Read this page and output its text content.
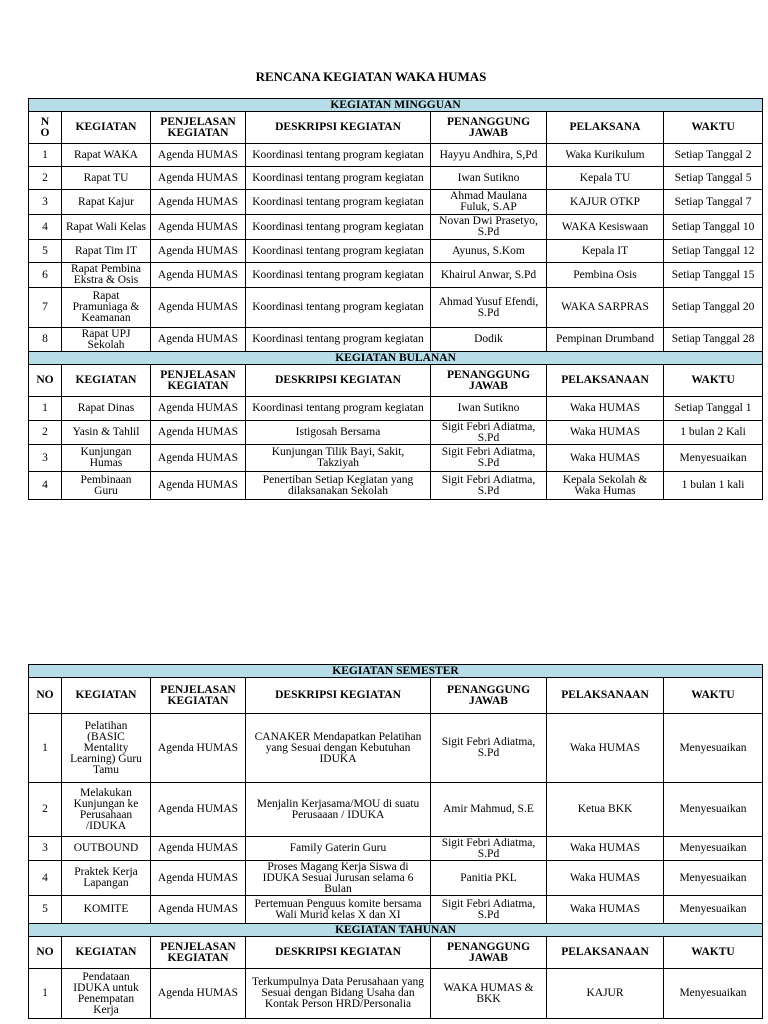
RENCANA KEGIATAN WAKA HUMAS
KEGIATAN MINGGUAN						
N
O	KEGIATAN	PENJELASAN
KEGIATAN	DESKRIPSI KEGIATAN	PENANGGUNG
JAWAB	PELAKSANA	WAKTU
1	Rapat WAKA	Agenda HUMAS	Koordinasi tentang program kegiatan	Hayyu Andhira, S,Pd	Waka Kurikulum	Setiap Tanggal 2
2	Rapat TU	Agenda HUMAS	Koordinasi tentang program kegiatan	Iwan Sutikno	Kepala TU	Setiap Tanggal 5
3	Rapat Kajur	Agenda HUMAS	Koordinasi tentang program kegiatan	Ahmad Maulana
Fuluk, S.AP	KAJUR OTKP	Setiap Tanggal 7
4	Rapat Wali Kelas	Agenda HUMAS	Koordinasi tentang program kegiatan	Novan Dwi Prasetyo,
S.Pd	WAKA Kesiswaan	Setiap Tanggal 10
5	Rapat Tim IT	Agenda HUMAS	Koordinasi tentang program kegiatan	Ayunus, S.Kom	Kepala IT	Setiap Tanggal 12
6	Rapat Pembina
Ekstra & Osis	Agenda HUMAS	Koordinasi tentang program kegiatan	Khairul Anwar, S.Pd	Pembina Osis	Setiap Tanggal 15
7	Rapat
Pramuniaga &
Keamanan	Agenda HUMAS	Koordinasi tentang program kegiatan	Ahmad Yusuf Efendi,
S.Pd	WAKA SARPRAS	Setiap Tanggal 20
8	Rapat UPJ
Sekolah	Agenda HUMAS	Koordinasi tentang program kegiatan	Dodik	Pempinan Drumband	Setiap Tanggal 28
KEGIATAN BULANAN						
NO	KEGIATAN	PENJELASAN
KEGIATAN	DESKRIPSI KEGIATAN	PENANGGUNG
JAWAB	PELAKSANAAN	WAKTU
1	Rapat Dinas	Agenda HUMAS	Koordinasi tentang program kegiatan	Iwan Sutikno	Waka HUMAS	Setiap Tanggal 1
2	Yasin & Tahlil	Agenda HUMAS	Istigosah Bersama	Sigit Febri Adiatma,
S.Pd	Waka HUMAS	1 bulan 2 Kali
3	Kunjungan
Humas	Agenda HUMAS	Kunjungan Tilik Bayi, Sakit,
Takziyah	Sigit Febri Adiatma,
S.Pd	Waka HUMAS	Menyesuaikan
4	Pembinaan
Guru	Agenda HUMAS	Penertiban Setiap Kegiatan yang
dilaksanakan Sekolah	Sigit Febri Adiatma,
S.Pd	Kepala Sekolah &
Waka Humas	1 bulan 1 kali
KEGIATAN SEMESTER						
NO	KEGIATAN	PENJELASAN
KEGIATAN	DESKRIPSI KEGIATAN	PENANGGUNG
JAWAB	PELAKSANAAN	WAKTU
1	Pelatihan
(BASIC
Mentality
Learning) Guru
Tamu	Agenda HUMAS	CANAKER Mendapatkan Pelatihan
yang Sesuai dengan Kebutuhan
IDUKA	Sigit Febri Adiatma,
S.Pd	Waka HUMAS	Menyesuaikan
2	Melakukan
Kunjungan ke
Perusahaan
/IDUKA	Agenda HUMAS	Menjalin Kerjasama/MOU di suatu
Perusaaan / IDUKA	Amir Mahmud, S.E	Ketua BKK	Menyesuaikan
3	OUTBOUND	Agenda HUMAS	Family Gaterin Guru	Sigit Febri Adiatma,
S.Pd	Waka HUMAS	Menyesuaikan
4	Praktek Kerja
Lapangan	Agenda HUMAS	Proses Magang Kerja Siswa di
IDUKA Sesuai Jurusan selama 6
Bulan	Panitia PKL	Waka HUMAS	Menyesuaikan
5	KOMITE	Agenda HUMAS	Pertemuan Penguus komite bersama
Wali Murid kelas X dan XI	Sigit Febri Adiatma,
S.Pd	Waka HUMAS	Menyesuaikan
KEGIATAN TAHUNAN						
NO	KEGIATAN	PENJELASAN
KEGIATAN	DESKRIPSI KEGIATAN	PENANGGUNG
JAWAB	PELAKSANAAN	WAKTU
1	Pendataan
IDUKA untuk
Penempatan
Kerja	Agenda HUMAS	Terkumpulnya Data Perusahaan yang
Sesuai dengan Bidang Usaha dan
Kontak Person HRD/Personalia	WAKA HUMAS &
BKK	KAJUR	Menyesuaikan
